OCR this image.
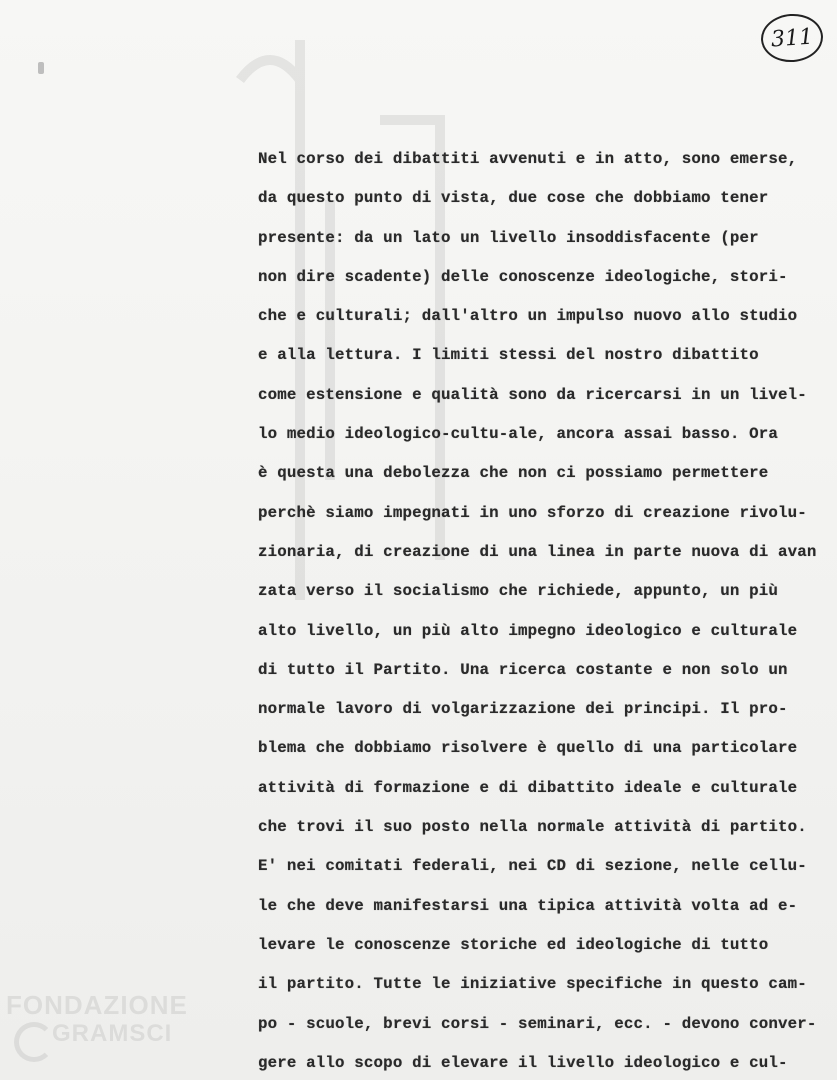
311
Nel corso dei dibattiti avvenuti e in atto, sono emerse,
da questo punto di vista, due cose che dobbiamo tener
presente: da un lato un livello insoddisfacente (per
non dire scadente) delle conoscenze ideologiche, stori-
che e culturali; dall'altro un impulso nuovo allo studio
e alla lettura. I limiti stessi del nostro dibattito
come estensione e qualità sono da ricercarsi in un livel-
lo medio ideologico-cultu-ale, ancora assai basso. Ora
è questa una debolezza che non ci possiamo permettere
perchè siamo impegnati in uno sforzo di creazione rivolu-
zionaria, di creazione di una linea in parte nuova di avan
zata verso il socialismo che richiede, appunto, un più
alto livello, un più alto impegno ideologico e culturale
di tutto il Partito. Una ricerca costante e non solo un
normale lavoro di volgarizzazione dei principi. Il pro-
blema che dobbiamo risolvere è quello di una particolare
attività di formazione e di dibattito ideale e culturale
che trovi il suo posto nella normale attività di partito.
E' nei comitati federali, nei CD di sezione, nelle cellu-
le che deve manifestarsi una tipica attività volta ad e-
levare le conoscenze storiche ed ideologiche di tutto
il partito. Tutte le iniziative specifiche in questo cam-
po - scuole, brevi corsi - seminari, ecc. - devono conver-
gere allo scopo di elevare il livello ideologico e cul-
FONDAZIONE
GRAMSCI
